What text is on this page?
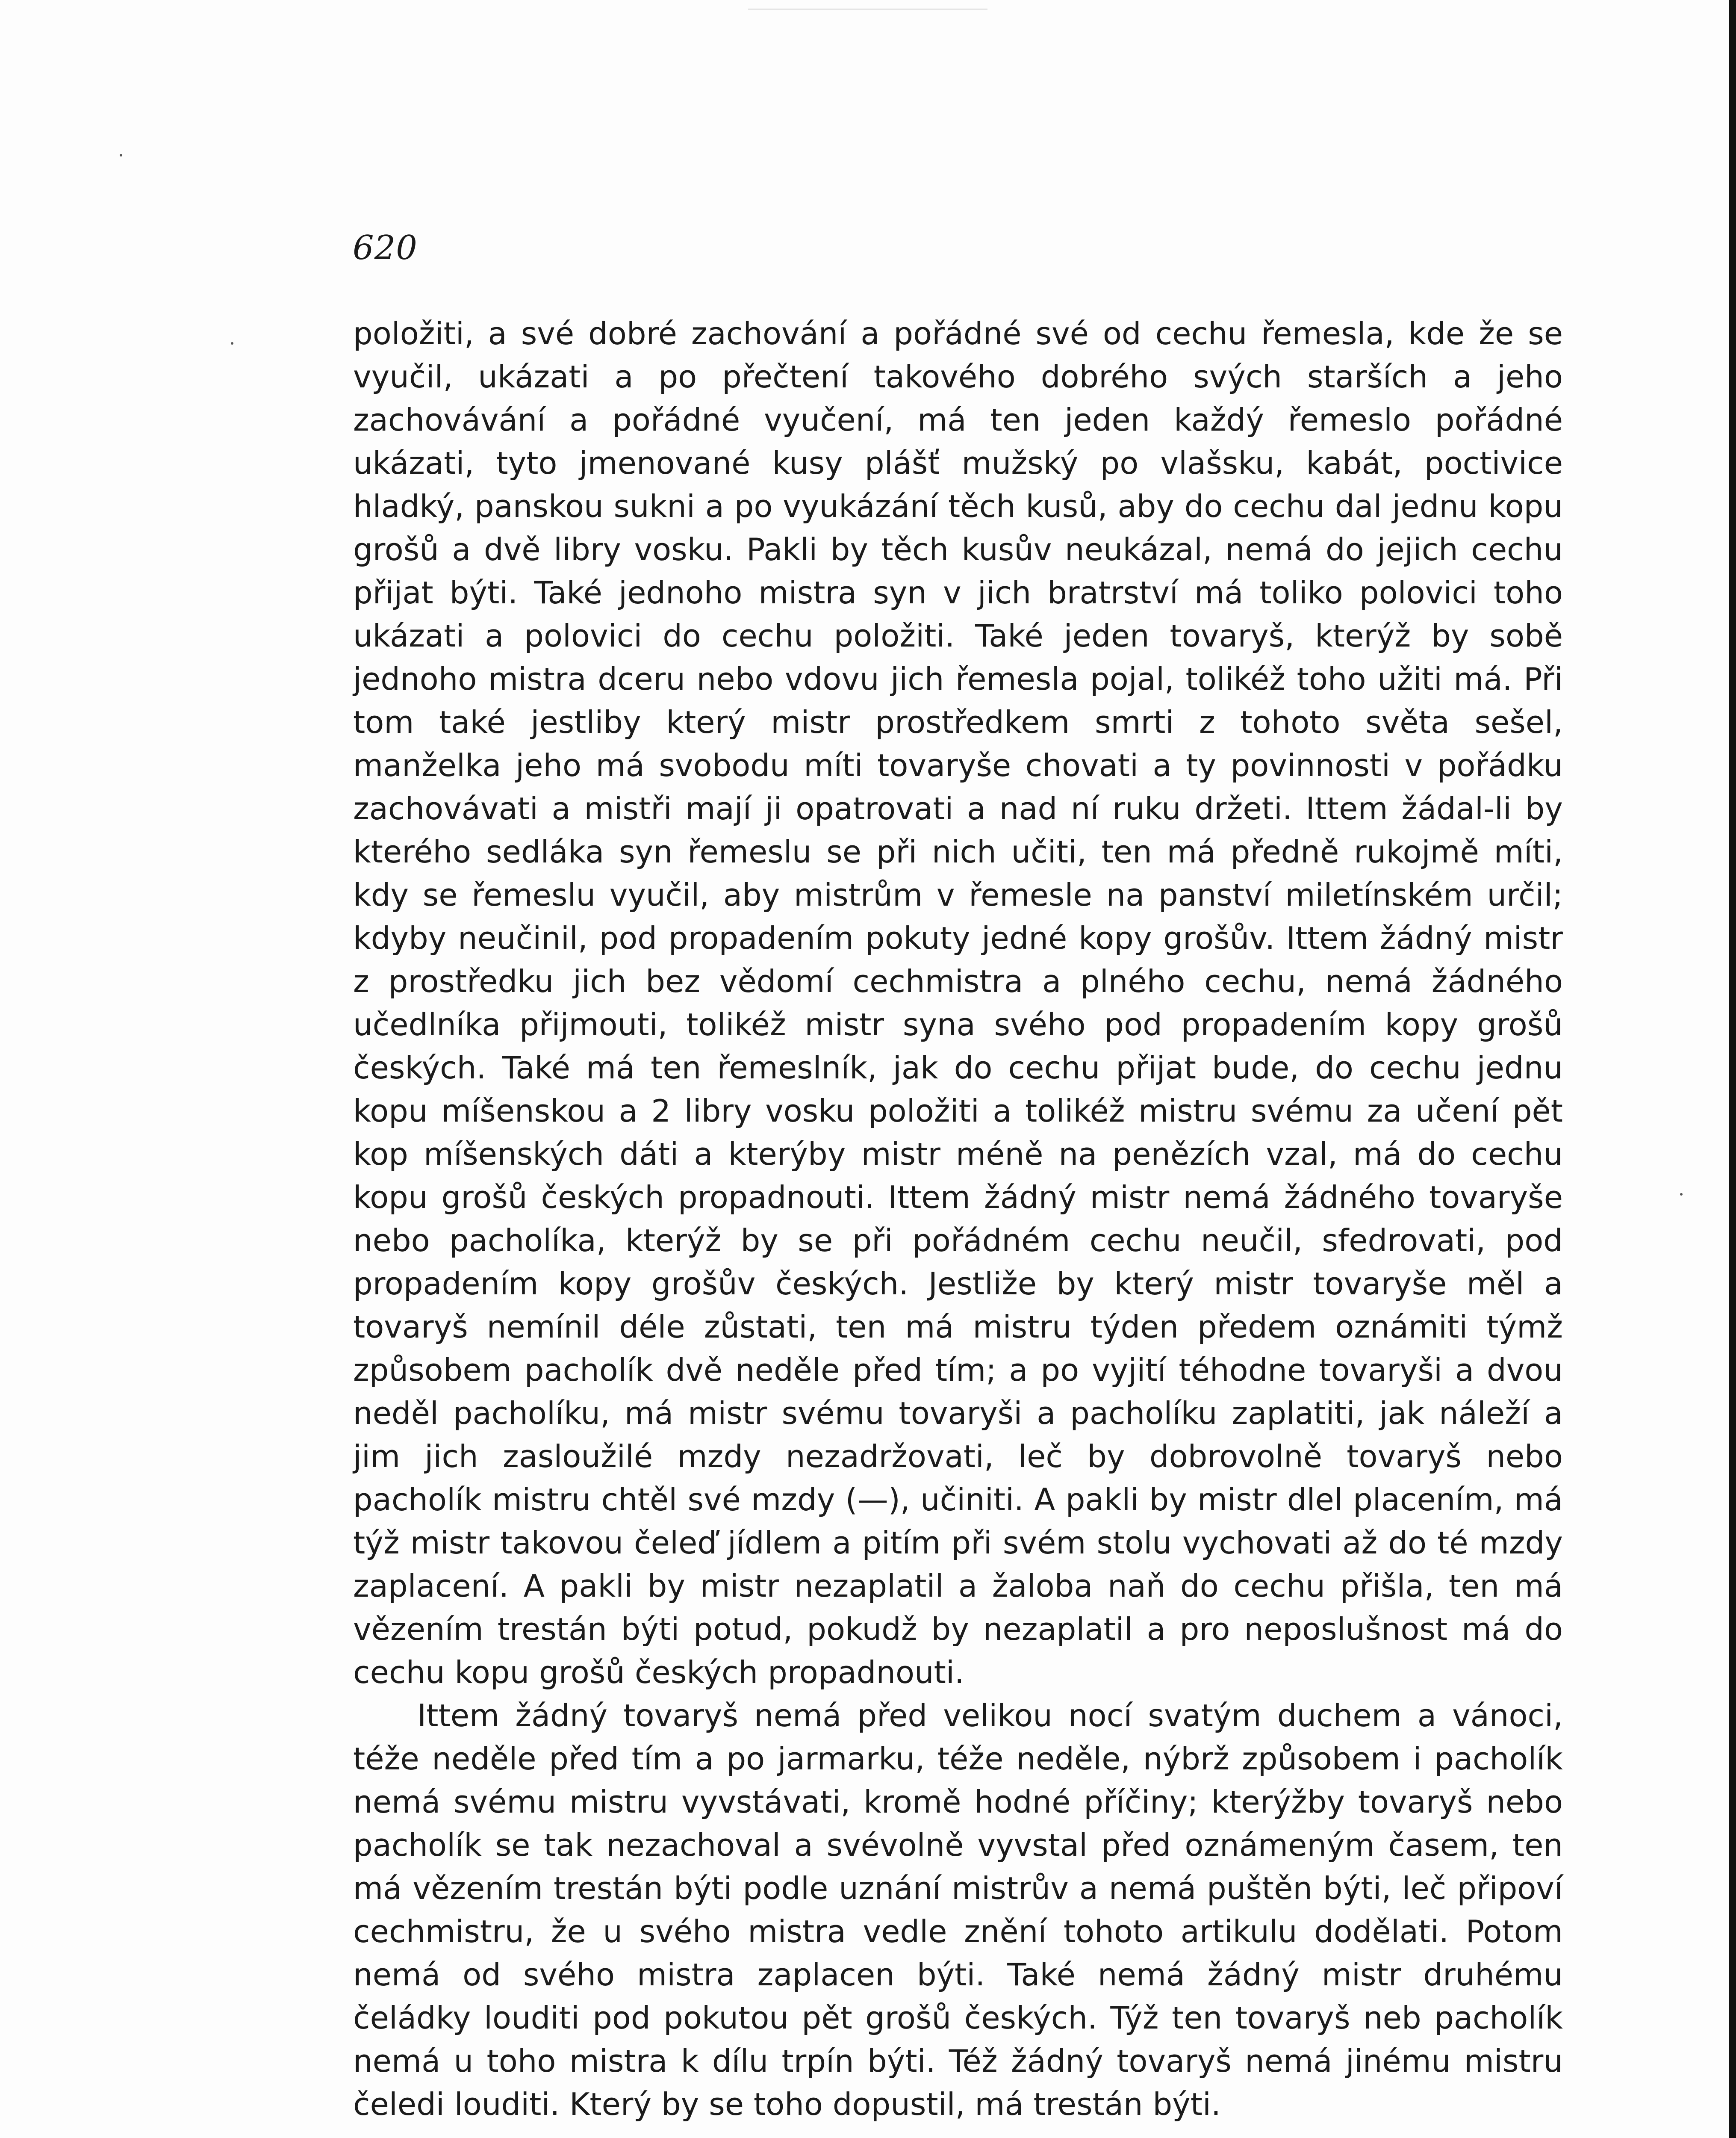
620

položiti, a své dobré zachování a pořádné své od cechu řemesla, kde že se vyučil, ukázati a po přečtení takového dobrého svých starších a jeho zachovávání a pořádné vyučení, má ten jeden každý řemeslo pořádné ukázati, tyto jmenované kusy plášť mužský po vlašsku, kabát, poctivice hladký, panskou sukni a po vyukázání těch kusů, aby do cechu dal jednu kopu grošů a dvě libry vosku. Pakli by těch kusův neukázal, nemá do jejich cechu přijat býti. Také jednoho mistra syn v jich bratrství má toliko polovici toho ukázati a polovici do cechu položiti. Také jeden tovaryš, kterýž by sobě jednoho mistra dceru nebo vdovu jich řemesla pojal, tolikéž toho užiti má. Při tom také jestliby který mistr prostředkem smrti z tohoto světa sešel, manželka jeho má svobodu míti tovaryše chovati a ty povinnosti v pořádku zachovávati a mistři mají ji opatrovati a nad ní ruku držeti. Ittem žádal-li by kterého sedláka syn řemeslu se při nich učiti, ten má předně rukojmě míti, kdy se řemeslu vyučil, aby mistrům v řemesle na panství miletínském určil; kdyby neučinil, pod propadením pokuty jedné kopy grošův. Ittem žádný mistr z prostředku jich bez vědomí cechmistra a plného cechu, nemá žádného učedlníka přijmouti, tolikéž mistr syna svého pod propadením kopy grošů českých. Také má ten řemeslník, jak do cechu přijat bude, do cechu jednu kopu míšenskou a 2 libry vosku položiti a tolikéž mistru svému za učení pět kop míšenských dáti a kterýby mistr méně na penězích vzal, má do cechu kopu grošů českých propadnouti. Ittem žádný mistr nemá žádného tovaryše nebo pacholíka, kterýž by se při pořádném cechu neučil, sfedrovati, pod propadením kopy grošův českých. Jestliže by který mistr tovaryše měl a tovaryš nemínil déle zůstati, ten má mistru týden předem oznámiti týmž způsobem pacholík dvě neděle před tím; a po vyjití téhodne tovaryši a dvou neděl pacholíku, má mistr svému tovaryši a pacholíku zaplatiti, jak náleží a jim jich zasloužilé mzdy nezadržovati, leč by dobrovolně tovaryš nebo pacholík mistru chtěl své mzdy (—), učiniti. A pakli by mistr dlel placením, má týž mistr takovou čeleď jídlem a pitím při svém stolu vychovati až do té mzdy zaplacení. A pakli by mistr nezaplatil a žaloba naň do cechu přišla, ten má vězením trestán býti potud, pokudž by nezaplatil a pro neposlušnost má do cechu kopu grošů českých propadnouti.

Ittem žádný tovaryš nemá před velikou nocí svatým duchem a vánoci, téže neděle před tím a po jarmarku, téže neděle, nýbrž způsobem i pacholík nemá svému mistru vyvstávati, kromě hodné příčiny; kterýžby tovaryš nebo pacholík se tak nezachoval a svévolně vyvstal před oznámeným časem, ten má vězením trestán býti podle uznání mistrův a nemá puštěn býti, leč připoví cechmistru, že u svého mistra vedle znění tohoto artikulu dodělati. Potom nemá od svého mistra zaplacen býti. Také nemá žádný mistr druhému čeládky louditi pod pokutou pět grošů českých. Týž ten tovaryš neb pacholík nemá u toho mistra k dílu trpín býti. Též žádný tovaryš nemá jinému mistru čeledi louditi. Který by se toho dopustil, má trestán býti.
